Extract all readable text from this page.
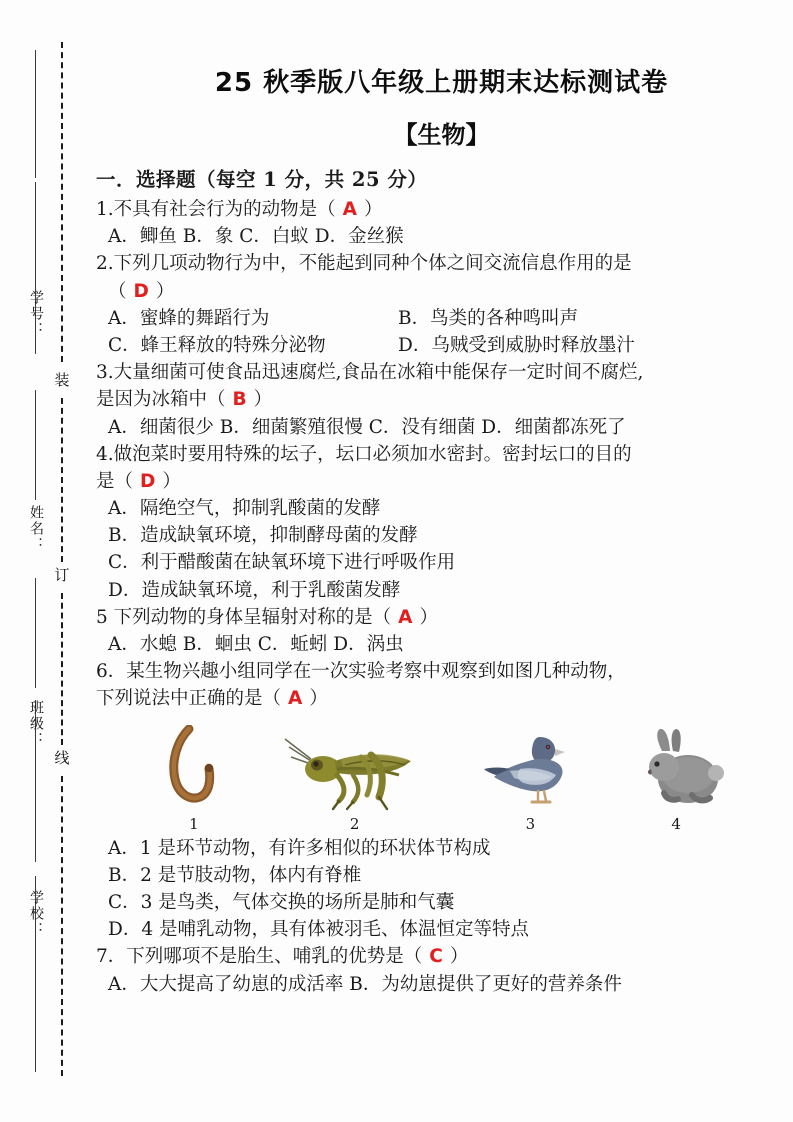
装
订
线
学号：
姓名：
班级：
学校：
25 秋季版八年级上册期末达标测试卷
【生物】
一．选择题（每空 1 分，共 25 分）
1.不具有社会行为的动物是（ A ）
A．鲫鱼 B．象 C．白蚁 D．金丝猴
2.下列几项动物行为中，不能起到同种个体之间交流信息作用的是
（ D ）
A．蜜蜂的舞蹈行为	B．鸟类的各种鸣叫声
C．蜂王释放的特殊分泌物	D．乌贼受到威胁时释放墨汁
3.大量细菌可使食品迅速腐烂,食品在冰箱中能保存一定时间不腐烂,
是因为冰箱中（ B ）
A．细菌很少 B．细菌繁殖很慢 C．没有细菌 D．细菌都冻死了
4.做泡菜时要用特殊的坛子，坛口必须加水密封。密封坛口的目的
是（ D ）
A．隔绝空气，抑制乳酸菌的发酵
B．造成缺氧环境，抑制酵母菌的发酵
C．利于醋酸菌在缺氧环境下进行呼吸作用
D．造成缺氧环境，利于乳酸菌发酵
5 下列动物的身体呈辐射对称的是（ A ）
A．水螅 B．蛔虫 C．蚯蚓 D．涡虫
6．某生物兴趣小组同学在一次实验考察中观察到如图几种动物，
下列说法中正确的是（ A ）
1	2	3	4
A．1 是环节动物，有许多相似的环状体节构成
B．2 是节肢动物，体内有脊椎
C．3 是鸟类，气体交换的场所是肺和气囊
D．4 是哺乳动物，具有体被羽毛、体温恒定等特点
7．下列哪项不是胎生、哺乳的优势是（ C ）
A．大大提高了幼崽的成活率 B．为幼崽提供了更好的营养条件
